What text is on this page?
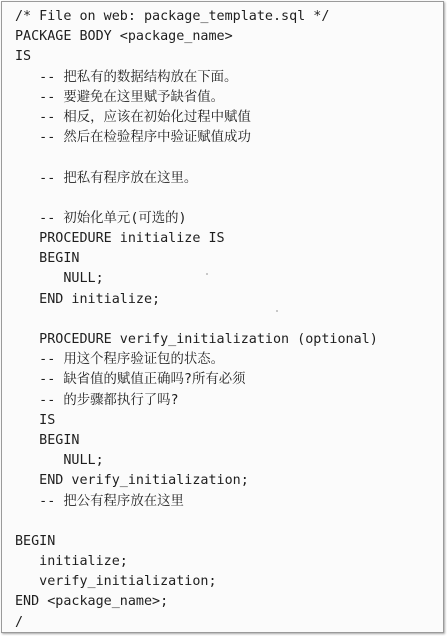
/* File on web: package_template.sql */
PACKAGE BODY <package_name>
IS
-- 把私有的数据结构放在下面。
-- 要避免在这里赋予缺省值。
-- 相反，应该在初始化过程中赋值
-- 然后在检验程序中验证赋值成功
-- 把私有程序放在这里。
-- 初始化单元(可选的)
PROCEDURE initialize IS
BEGIN
NULL;
END initialize;
PROCEDURE verify_initialization (optional)
-- 用这个程序验证包的状态。
-- 缺省值的赋值正确吗?所有必须
-- 的步骤都执行了吗?
IS
BEGIN
NULL;
END verify_initialization;
-- 把公有程序放在这里
BEGIN
initialize;
verify_initialization;
END <package_name>;
/
